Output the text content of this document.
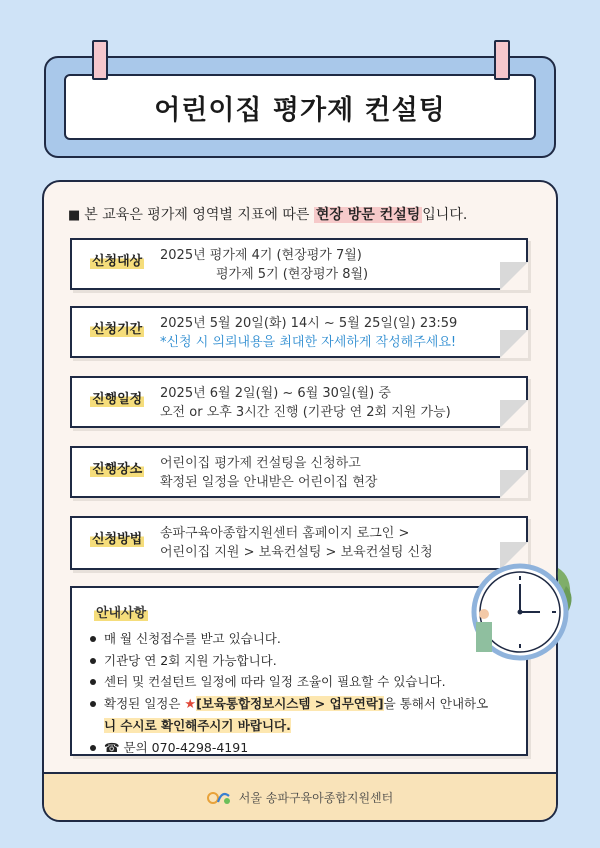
어린이집 평가제 컨설팅
■ 본 교육은 평가제 영역별 지표에 따른 현장 방문 컨설팅 입니다.
신청대상 2025년 평가제 4기 (현장평가 7월)
평가제 5기 (현장평가 8월)
신청기간 2025년 5월 20일(화) 14시 ~ 5월 25일(일) 23:59
*신청 시 의뢰내용을 최대한 자세하게 작성해주세요!
진행일정 2025년 6월 2일(월) ~ 6월 30일(월) 중
오전 or 오후 3시간 진행 (기관당 연 2회 지원 가능)
진행장소 어린이집 평가제 컨설팅을 신청하고
확정된 일정을 안내받은 어린이집 현장
신청방법 송파구육아종합지원센터 홈페이지 로그인 >
어린이집 지원 > 보육컨설팅 > 보육컨설팅 신청
안내사항
매 월 신청접수를 받고 있습니다.
기관당 연 2회 지원 가능합니다.
센터 및 컨설턴트 일정에 따라 일정 조율이 필요할 수 있습니다.
확정된 일정은 ★[보육통합정보시스템 > 업무연락]을 통해서 안내하오
니 수시로 확인해주시기 바랍니다.
☎ 문의 070-4298-4191
서울 송파구육아종합지원센터
